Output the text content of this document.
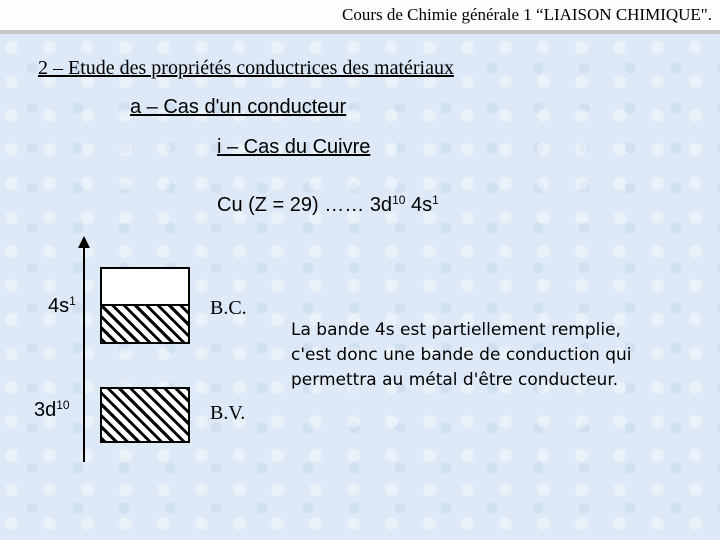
Cours de Chimie générale 1 “LIAISON CHIMIQUE".
2 – Etude des propriétés conductrices des matériaux
a – Cas d'un conducteur
i – Cas du Cuivre
Cu (Z = 29) …… $3d^{10}$ $4s^1$
$4s^1$
$3d^{10}$
B.C.
B.V.
La bande 4s est partiellement remplie,
c'est donc une bande de conduction qui
permettra au métal d'être conducteur.
